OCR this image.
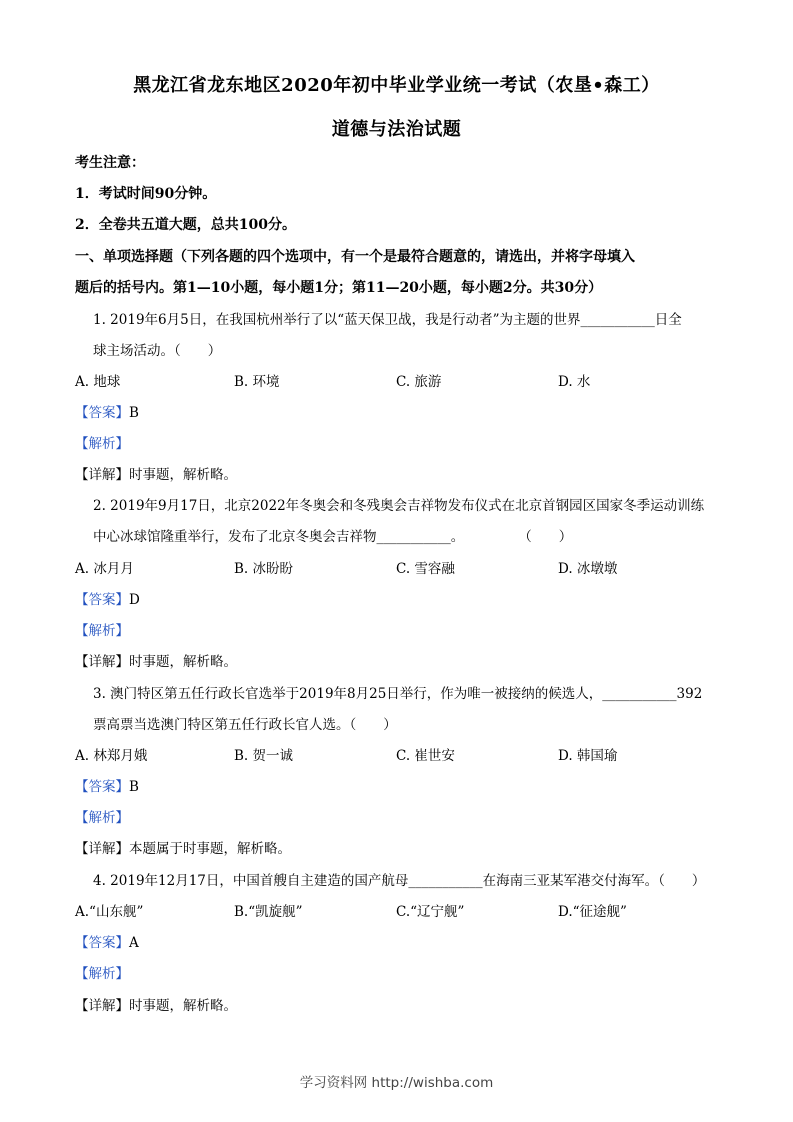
黑龙江省龙东地区2020年初中毕业学业统一考试（农垦•森工）
道德与法治试题
考生注意：
1．考试时间90分钟。
2．全卷共五道大题，总共100分。
一、单项选择题（下列各题的四个选项中，有一个是最符合题意的，请选出，并将字母填入
题后的括号内。第1—10小题，每小题1分；第11—20小题，每小题2分。共30分）
1. 2019年6月5日，在我国杭州举行了以“蓝天保卫战，我是行动者”为主题的世界___________日全
球主场活动。（　　）
A. 地球	B. 环境	C. 旅游	D. 水
【答案】B
【解析】
【详解】时事题，解析略。
2. 2019年9月17日，北京2022年冬奥会和冬残奥会吉祥物发布仪式在北京首钢园区国家冬季运动训练
中心冰球馆隆重举行，发布了北京冬奥会吉祥物___________。　　　　　（　　）
A. 冰月月	B. 冰盼盼	C. 雪容融	D. 冰墩墩
【答案】D
【解析】
【详解】时事题，解析略。
3. 澳门特区第五任行政长官选举于2019年8月25日举行，作为唯一被接纳的候选人，___________392
票高票当选澳门特区第五任行政长官人选。（　　）
A. 林郑月娥	B. 贺一诚	C. 崔世安	D. 韩国瑜
【答案】B
【解析】
【详解】本题属于时事题，解析略。
4. 2019年12月17日，中国首艘自主建造的国产航母___________在海南三亚某军港交付海军。（　　）
A.“山东舰”	B.“凯旋舰”	C.“辽宁舰”	D.“征途舰”
【答案】A
【解析】
【详解】时事题，解析略。
学习资料网 http://wishba.com
